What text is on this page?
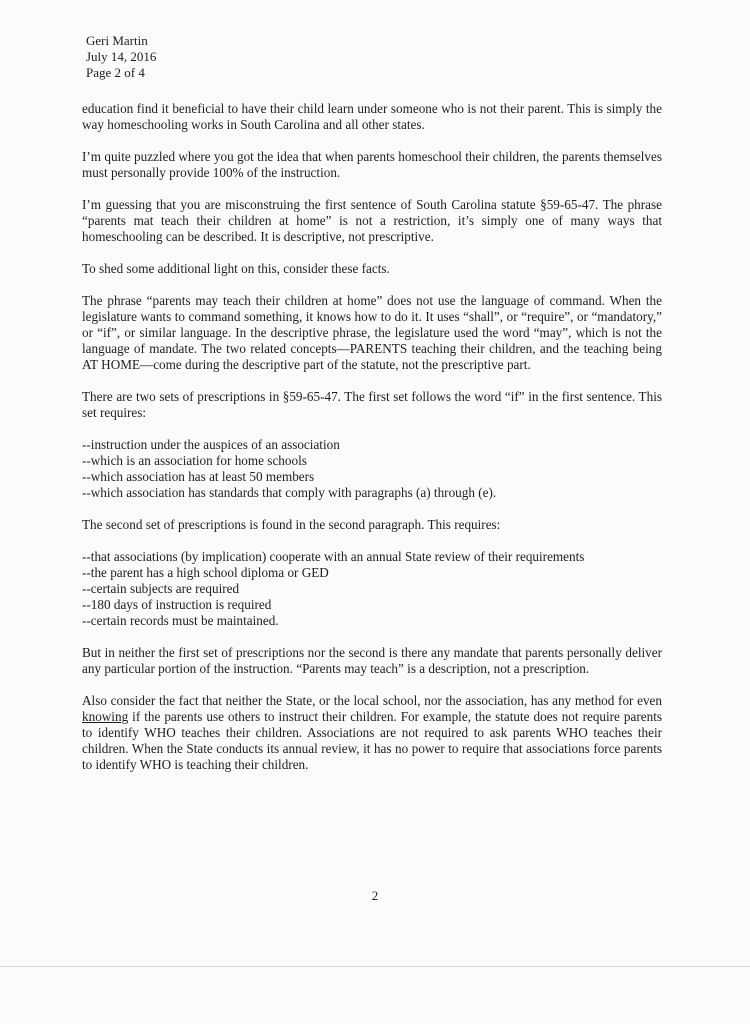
Geri Martin
July 14, 2016
Page 2 of 4

education find it beneficial to have their child learn under someone who is not their parent. This is simply the way homeschooling works in South Carolina and all other states.

I’m quite puzzled where you got the idea that when parents homeschool their children, the parents themselves must personally provide 100% of the instruction.

I’m guessing that you are misconstruing the first sentence of South Carolina statute §59-65-47. The phrase “parents mat teach their children at home” is not a restriction, it’s simply one of many ways that homeschooling can be described. It is descriptive, not prescriptive.

To shed some additional light on this, consider these facts.

The phrase “parents may teach their children at home” does not use the language of command. When the legislature wants to command something, it knows how to do it. It uses “shall”, or “require”, or “mandatory,” or “if”, or similar language. In the descriptive phrase, the legislature used the word “may”, which is not the language of mandate. The two related concepts—PARENTS teaching their children, and the teaching being AT HOME—come during the descriptive part of the statute, not the prescriptive part.

There are two sets of prescriptions in §59-65-47. The first set follows the word “if” in the first sentence. This set requires:

--instruction under the auspices of an association
--which is an association for home schools
--which association has at least 50 members
--which association has standards that comply with paragraphs (a) through (e).

The second set of prescriptions is found in the second paragraph. This requires:

--that associations (by implication) cooperate with an annual State review of their requirements
--the parent has a high school diploma or GED
--certain subjects are required
--180 days of instruction is required
--certain records must be maintained.

But in neither the first set of prescriptions nor the second is there any mandate that parents personally deliver any particular portion of the instruction. “Parents may teach” is a description, not a prescription.

Also consider the fact that neither the State, or the local school, nor the association, has any method for even knowing if the parents use others to instruct their children. For example, the statute does not require parents to identify WHO teaches their children. Associations are not required to ask parents WHO teaches their children. When the State conducts its annual review, it has no power to require that associations force parents to identify WHO is teaching their children.

2
